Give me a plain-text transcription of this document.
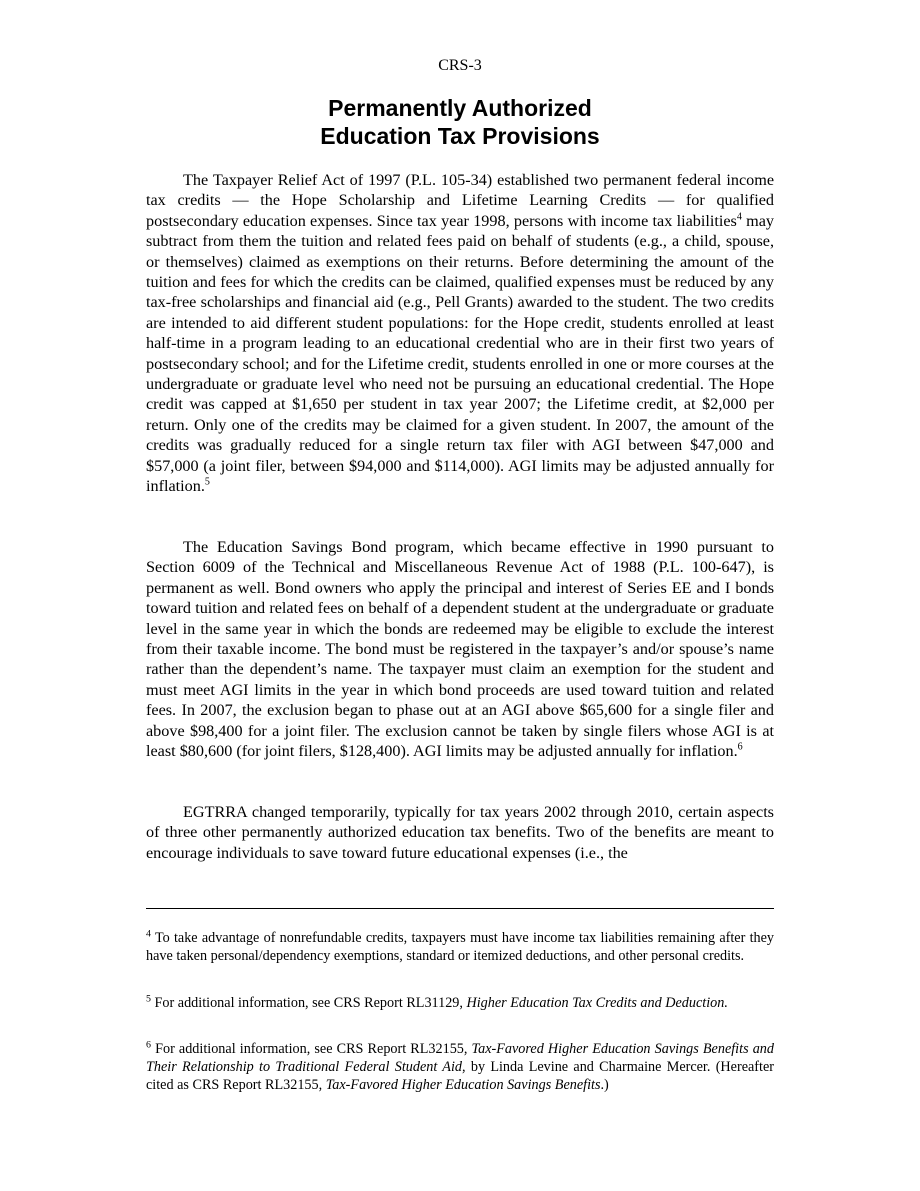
CRS-3
Permanently Authorized
Education Tax Provisions

The Taxpayer Relief Act of 1997 (P.L. 105-34) established two permanent federal income tax credits — the Hope Scholarship and Lifetime Learning Credits — for qualified postsecondary education expenses. Since tax year 1998, persons with income tax liabilities$^4$ may subtract from them the tuition and related fees paid on behalf of students (e.g., a child, spouse, or themselves) claimed as exemptions on their returns. Before determining the amount of the tuition and fees for which the credits can be claimed, qualified expenses must be reduced by any tax-free scholarships and financial aid (e.g., Pell Grants) awarded to the student. The two credits are intended to aid different student populations: for the Hope credit, students enrolled at least half-time in a program leading to an educational credential who are in their first two years of postsecondary school; and for the Lifetime credit, students enrolled in one or more courses at the undergraduate or graduate level who need not be pursuing an educational credential. The Hope credit was capped at $1,650 per student in tax year 2007; the Lifetime credit, at $2,000 per return. Only one of the credits may be claimed for a given student. In 2007, the amount of the credits was gradually reduced for a single return tax filer with AGI between $47,000 and $57,000 (a joint filer, between $94,000 and $114,000). AGI limits may be adjusted annually for inflation.$^5$

The Education Savings Bond program, which became effective in 1990 pursuant to Section 6009 of the Technical and Miscellaneous Revenue Act of 1988 (P.L. 100-647), is permanent as well. Bond owners who apply the principal and interest of Series EE and I bonds toward tuition and related fees on behalf of a dependent student at the undergraduate or graduate level in the same year in which the bonds are redeemed may be eligible to exclude the interest from their taxable income. The bond must be registered in the taxpayer’s and/or spouse’s name rather than the dependent’s name. The taxpayer must claim an exemption for the student and must meet AGI limits in the year in which bond proceeds are used toward tuition and related fees. In 2007, the exclusion began to phase out at an AGI above $65,600 for a single filer and above $98,400 for a joint filer. The exclusion cannot be taken by single filers whose AGI is at least $80,600 (for joint filers, $128,400). AGI limits may be adjusted annually for inflation.$^6$

EGTRRA changed temporarily, typically for tax years 2002 through 2010, certain aspects of three other permanently authorized education tax benefits. Two of the benefits are meant to encourage individuals to save toward future educational expenses (i.e., the

$^4$ To take advantage of nonrefundable credits, taxpayers must have income tax liabilities remaining after they have taken personal/dependency exemptions, standard or itemized deductions, and other personal credits.
$^5$ For additional information, see CRS Report RL31129, Higher Education Tax Credits and Deduction.
$^6$ For additional information, see CRS Report RL32155, Tax-Favored Higher Education Savings Benefits and Their Relationship to Traditional Federal Student Aid, by Linda Levine and Charmaine Mercer. (Hereafter cited as CRS Report RL32155, Tax-Favored Higher Education Savings Benefits.)
